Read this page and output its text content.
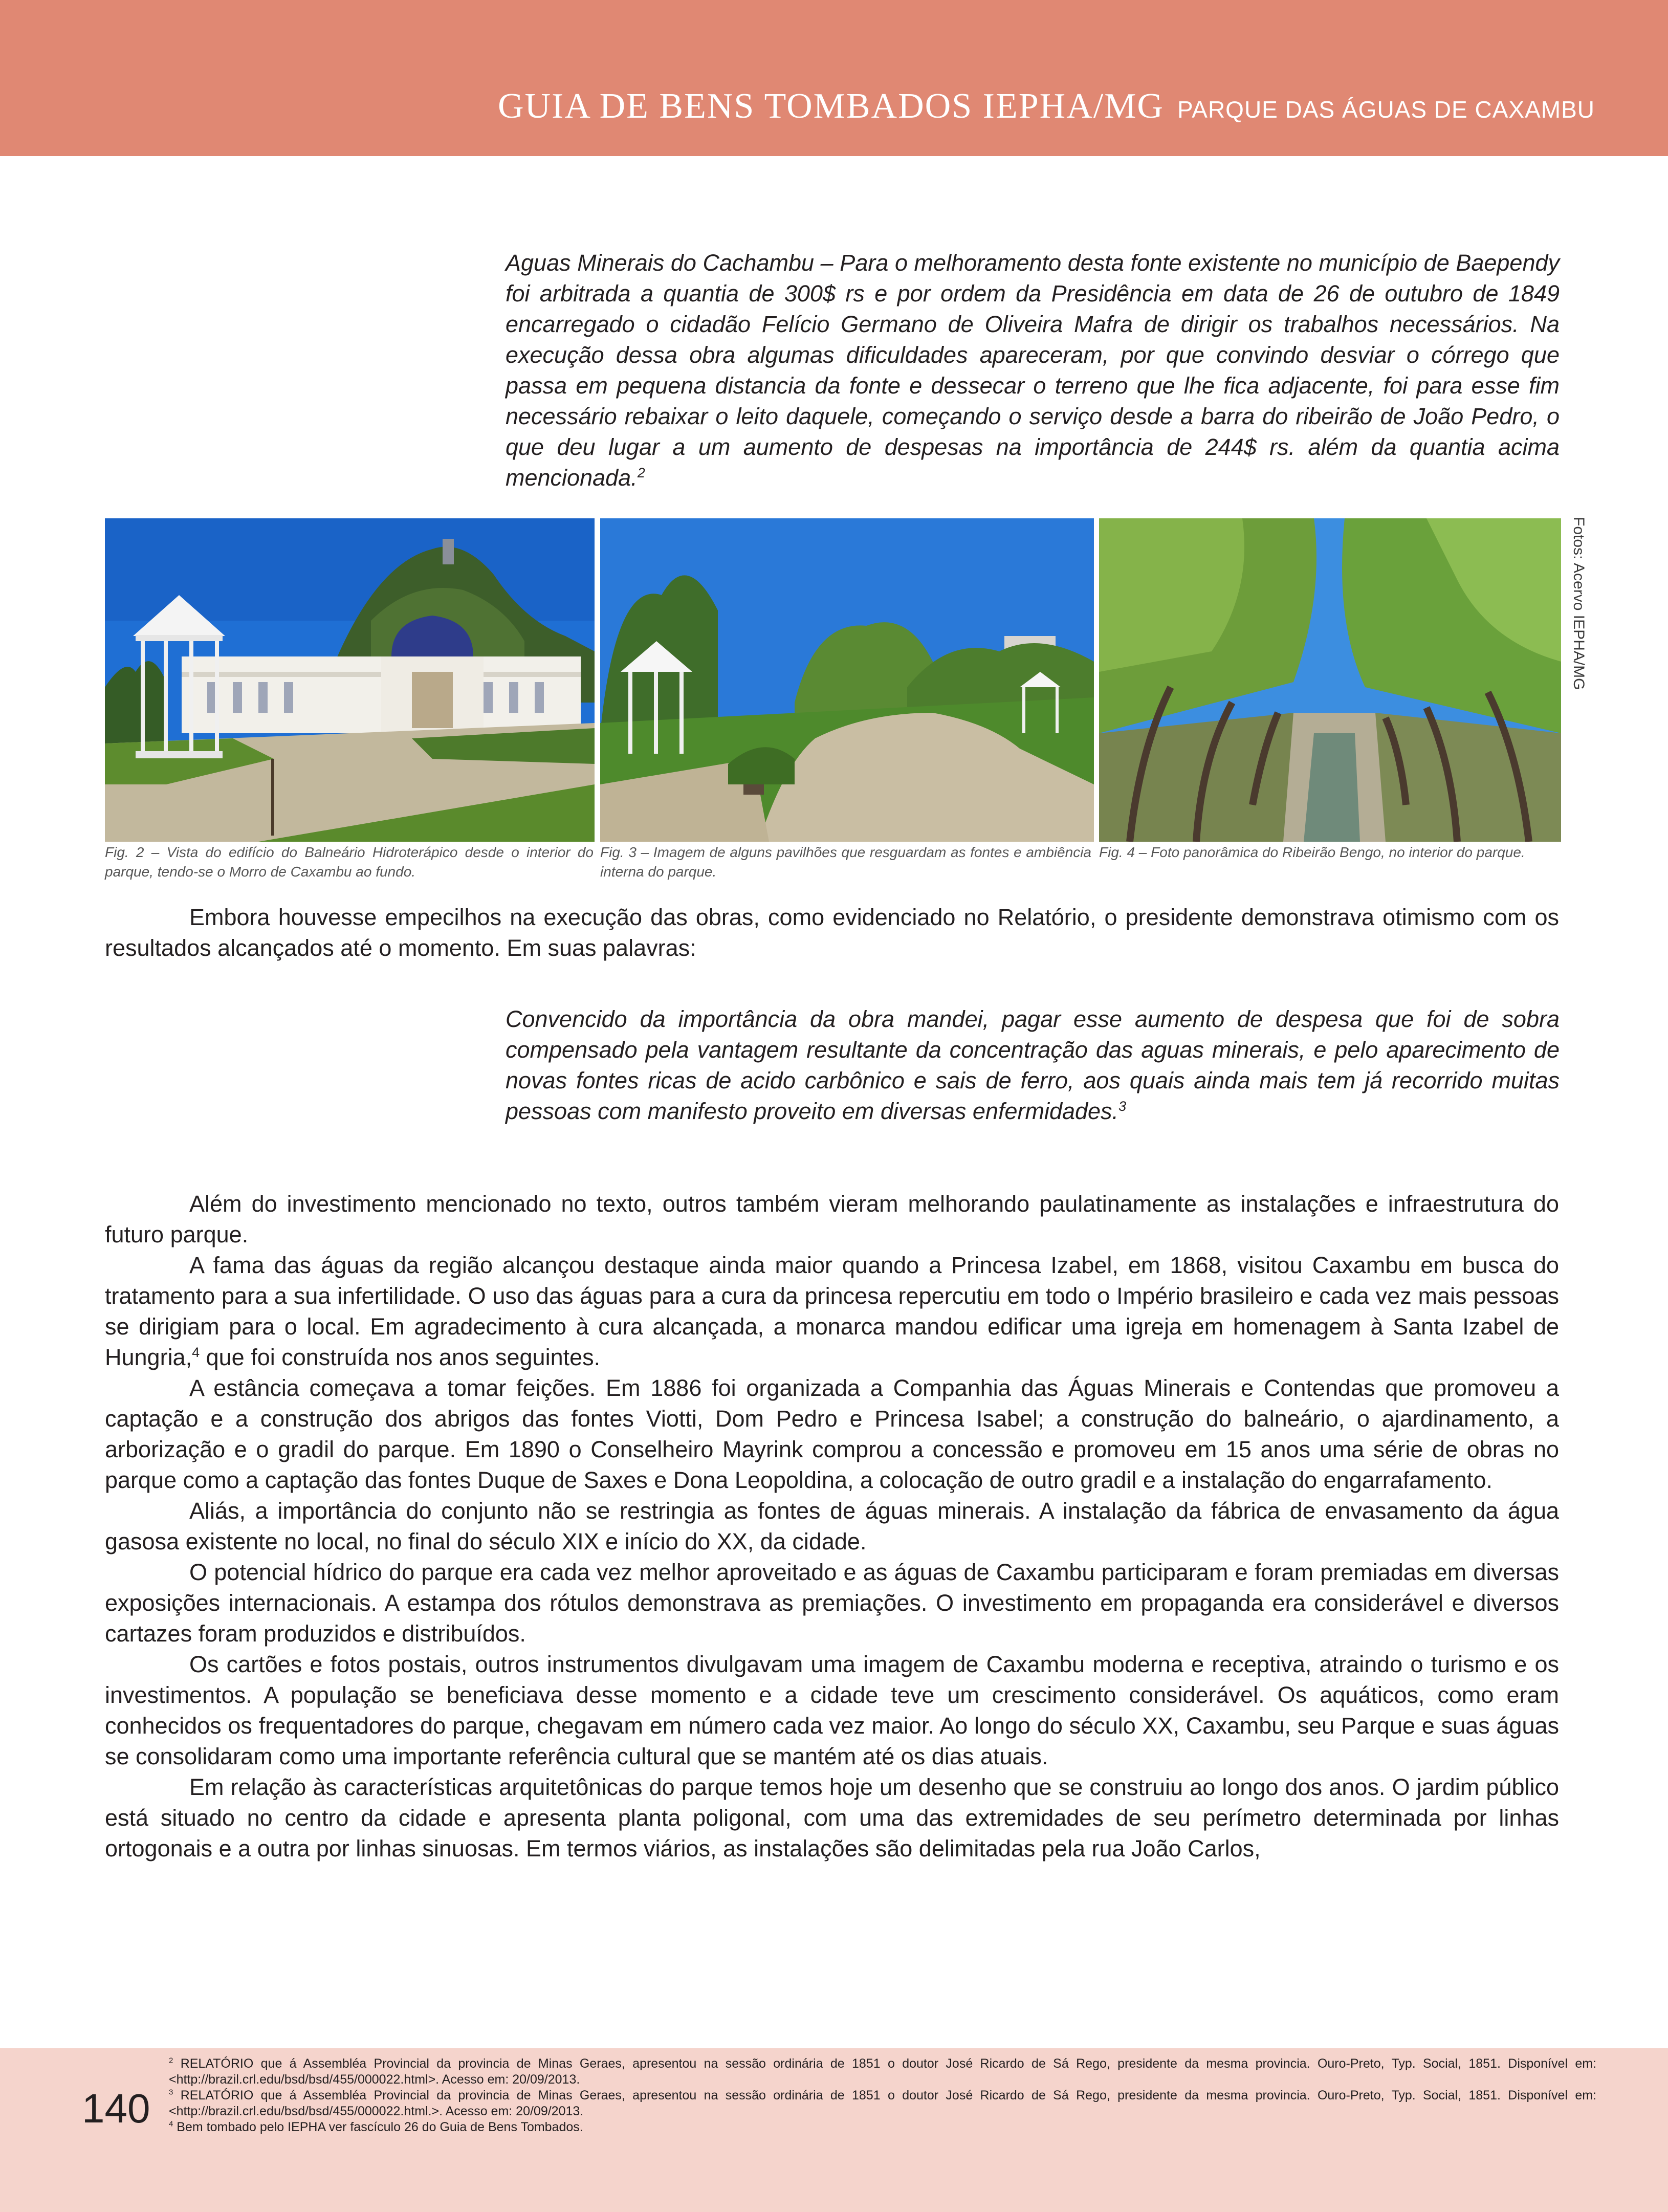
GUIA DE BENS TOMBADOS IEPHA/MG PARQUE DAS ÁGUAS DE CAXAMBU
Aguas Minerais do Cachambu – Para o melhoramento desta fonte existente no município de Baependy foi arbitrada a quantia de 300$ rs e por ordem da Presidência em data de 26 de outubro de 1849 encarregado o cidadão Felício Germano de Oliveira Mafra de dirigir os trabalhos necessários. Na execução dessa obra algumas dificuldades apareceram, por que convindo desviar o córrego que passa em pequena distancia da fonte e dessecar o terreno que lhe fica adjacente, foi para esse fim necessário rebaixar o leito daquele, começando o serviço desde a barra do ribeirão de João Pedro, o que deu lugar a um aumento de despesas na importância de 244$ rs. além da quantia acima mencionada.$^2$
Fotos: Acervo IEPHA/MG
Fig. 2 – Vista do edifício do Balneário Hidroterápico desde o interior do parque, tendo-se o Morro de Caxambu ao fundo.
Fig. 3 – Imagem de alguns pavilhões que resguardam as fontes e ambiência interna do parque.
Fig. 4 – Foto panorâmica do Ribeirão Bengo, no interior do parque.

Embora houvesse empecilhos na execução das obras, como evidenciado no Relatório, o presidente demonstrava otimismo com os resultados alcançados até o momento. Em suas palavras:

Convencido da importância da obra mandei, pagar esse aumento de despesa que foi de sobra compensado pela vantagem resultante da concentração das aguas minerais, e pelo aparecimento de novas fontes ricas de acido carbônico e sais de ferro, aos quais ainda mais tem já recorrido muitas pessoas com manifesto proveito em diversas enfermidades.$^3$

Além do investimento mencionado no texto, outros também vieram melhorando paulatinamente as instalações e infraestrutura do futuro parque.

A fama das águas da região alcançou destaque ainda maior quando a Princesa Izabel, em 1868, visitou Caxambu em busca do tratamento para a sua infertilidade. O uso das águas para a cura da princesa repercutiu em todo o Império brasileiro e cada vez mais pessoas se dirigiam para o local. Em agradecimento à cura alcançada, a monarca mandou edificar uma igreja em homenagem à Santa Izabel de Hungria,$^4$ que foi construída nos anos seguintes.

A estância começava a tomar feições. Em 1886 foi organizada a Companhia das Águas Minerais e Contendas que promoveu a captação e a construção dos abrigos das fontes Viotti, Dom Pedro e Princesa Isabel; a construção do balneário, o ajardinamento, a arborização e o gradil do parque. Em 1890 o Conselheiro Mayrink comprou a concessão e promoveu em 15 anos uma série de obras no parque como a captação das fontes Duque de Saxes e Dona Leopoldina, a colocação de outro gradil e a instalação do engarrafamento.

Aliás, a importância do conjunto não se restringia as fontes de águas minerais. A instalação da fábrica de envasamento da água gasosa existente no local, no final do século XIX e início do XX, da cidade.

O potencial hídrico do parque era cada vez melhor aproveitado e as águas de Caxambu participaram e foram premiadas em diversas exposições internacionais. A estampa dos rótulos demonstrava as premiações. O investimento em propaganda era considerável e diversos cartazes foram produzidos e distribuídos.

Os cartões e fotos postais, outros instrumentos divulgavam uma imagem de Caxambu moderna e receptiva, atraindo o turismo e os investimentos. A população se beneficiava desse momento e a cidade teve um crescimento considerável. Os aquáticos, como eram conhecidos os frequentadores do parque, chegavam em número cada vez maior. Ao longo do século XX, Caxambu, seu Parque e suas águas se consolidaram como uma importante referência cultural que se mantém até os dias atuais.

Em relação às características arquitetônicas do parque temos hoje um desenho que se construiu ao longo dos anos. O jardim público está situado no centro da cidade e apresenta planta poligonal, com uma das extremidades de seu perímetro determinada por linhas ortogonais e a outra por linhas sinuosas. Em termos viários, as instalações são delimitadas pela rua João Carlos,

140
$^2$ RELATÓRIO que á Assembléa Provincial da provincia de Minas Geraes, apresentou na sessão ordinária de 1851 o doutor José Ricardo de Sá Rego, presidente da mesma provincia. Ouro-Preto, Typ. Social, 1851. Disponível em: <http://brazil.crl.edu/bsd/bsd/455/000022.html>. Acesso em: 20/09/2013.
$^3$ RELATÓRIO que á Assembléa Provincial da provincia de Minas Geraes, apresentou na sessão ordinária de 1851 o doutor José Ricardo de Sá Rego, presidente da mesma provincia. Ouro-Preto, Typ. Social, 1851. Disponível em: <http://brazil.crl.edu/bsd/bsd/455/000022.html.>. Acesso em: 20/09/2013.
$^4$ Bem tombado pelo IEPHA ver fascículo 26 do Guia de Bens Tombados.
